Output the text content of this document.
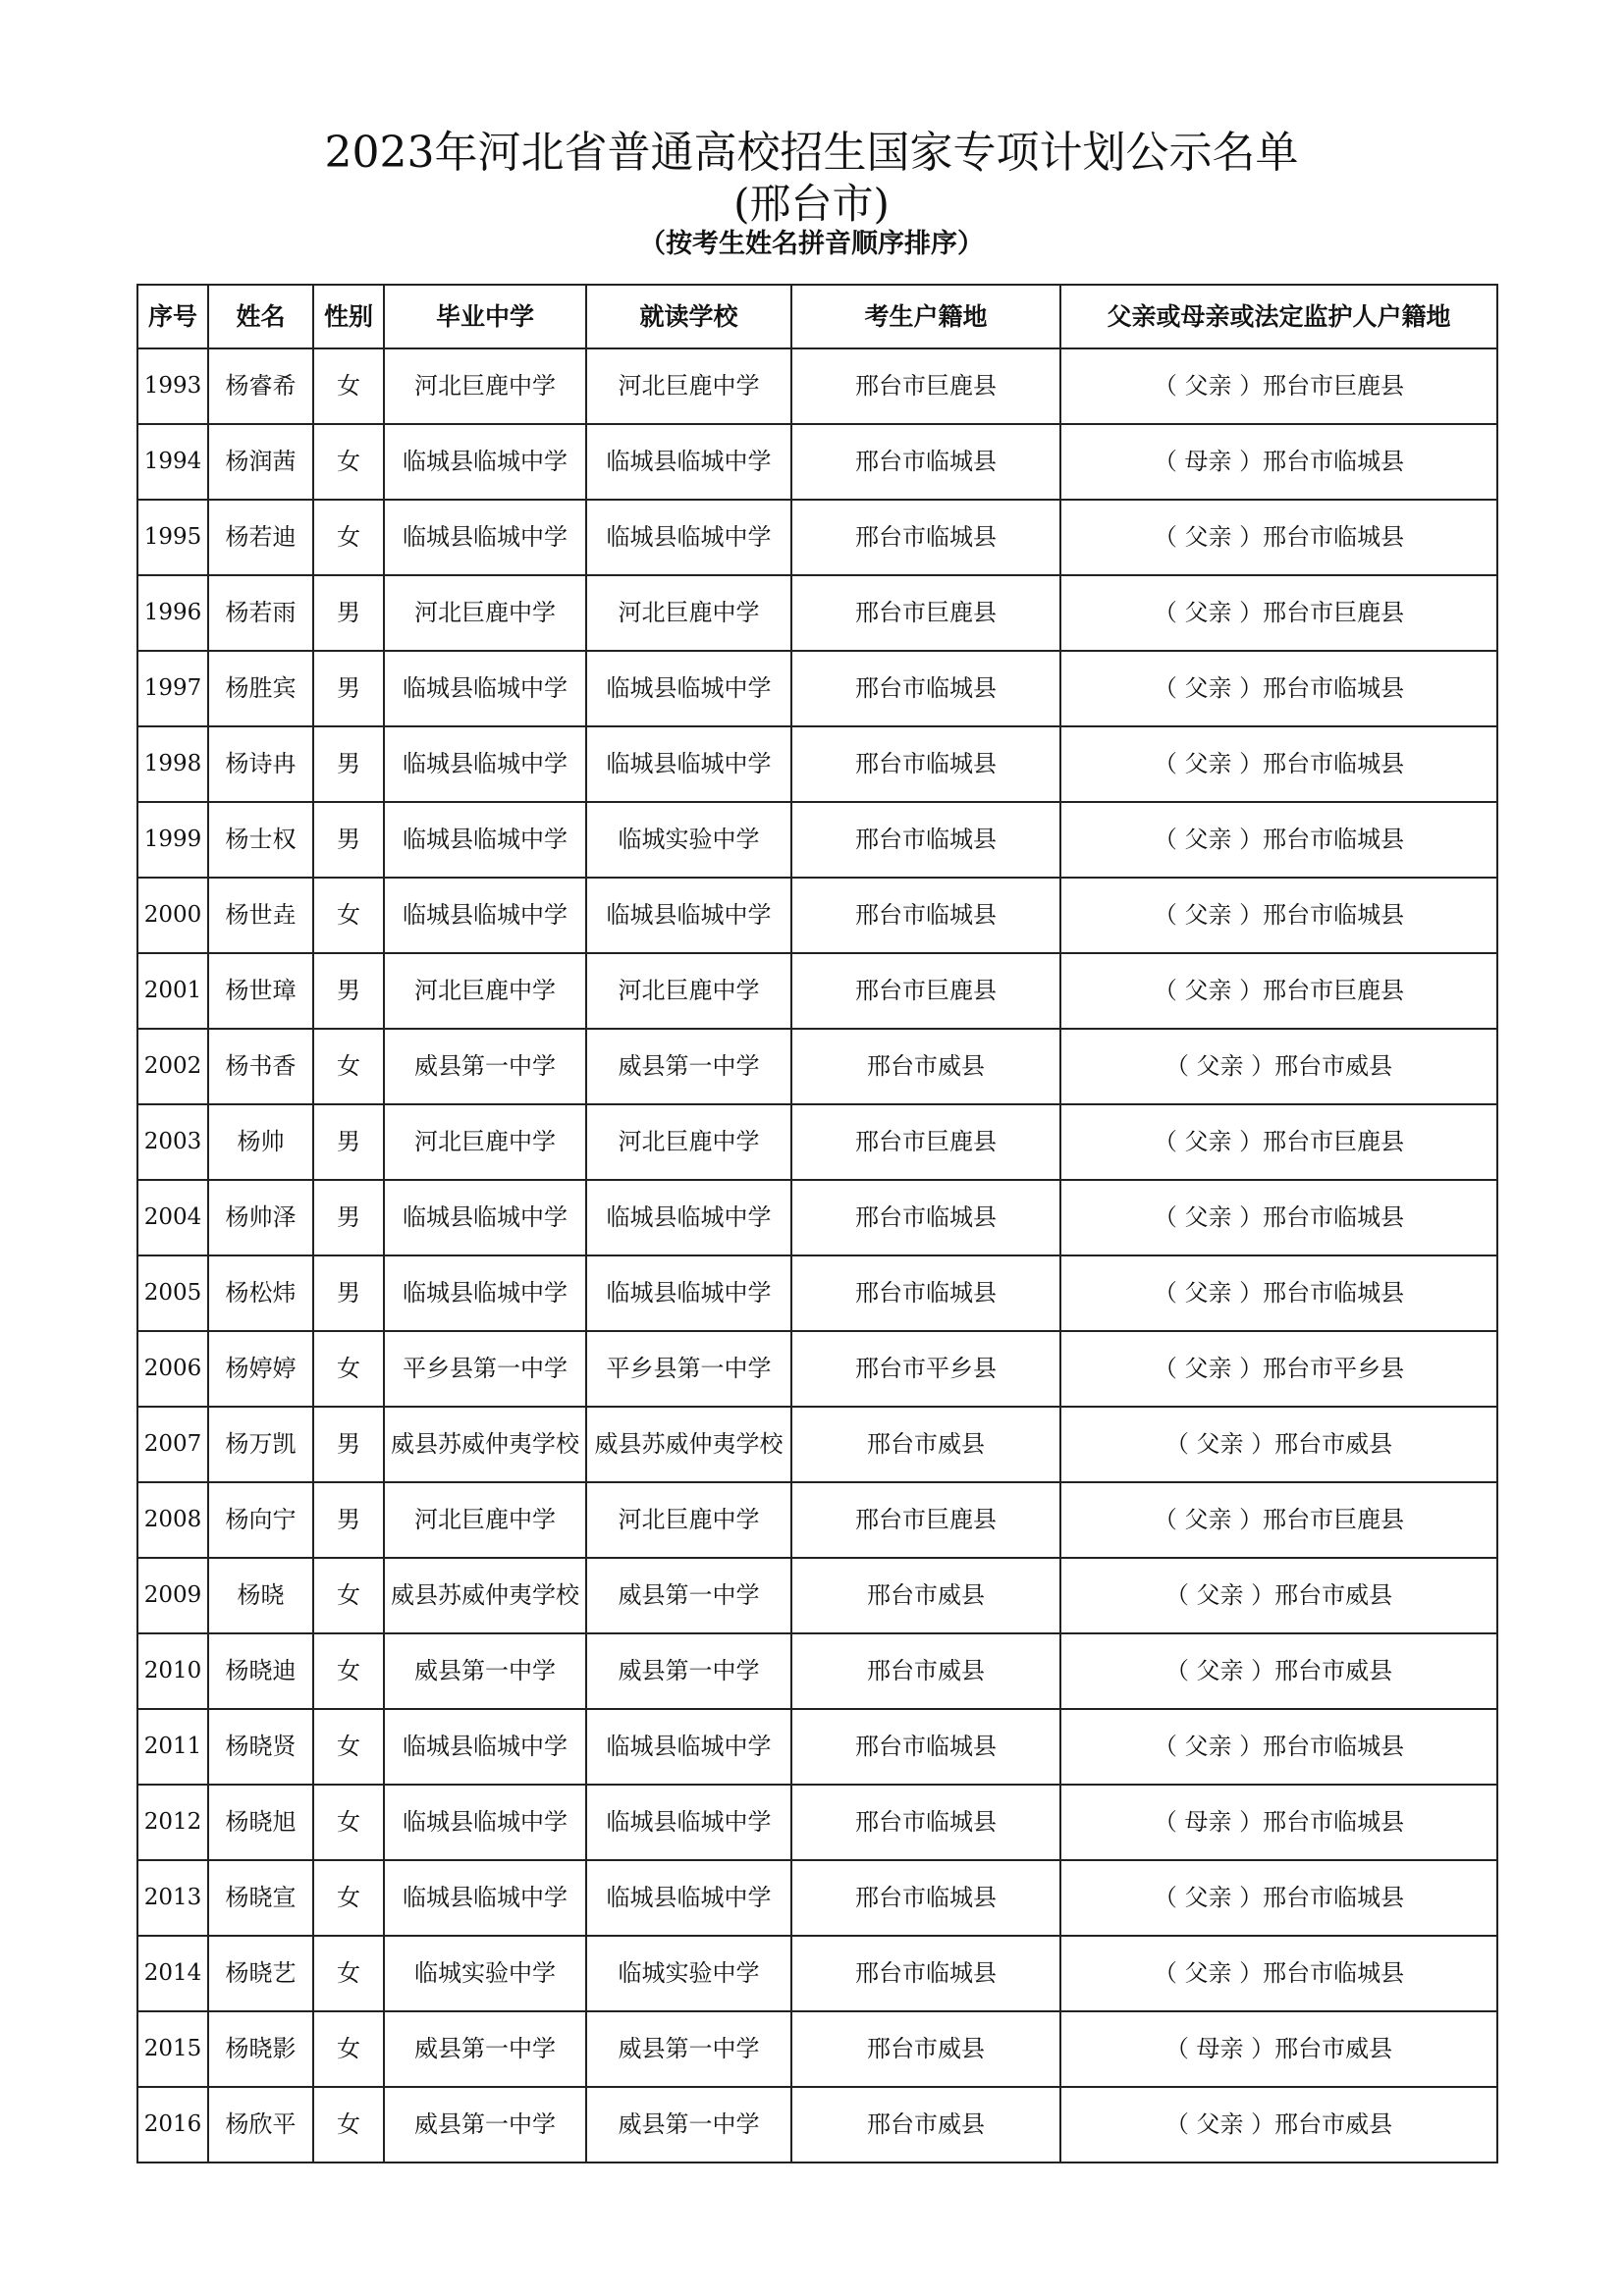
2023年河北省普通高校招生国家专项计划公示名单
(邢台市)
（按考生姓名拼音顺序排序）
序号	姓名	性别	毕业中学	就读学校	考生户籍地	父亲或母亲或法定监护人户籍地
1993	杨睿希	女	河北巨鹿中学	河北巨鹿中学	邢台市巨鹿县	（ 父亲 ）邢台市巨鹿县
1994	杨润茜	女	临城县临城中学	临城县临城中学	邢台市临城县	（ 母亲 ）邢台市临城县
1995	杨若迪	女	临城县临城中学	临城县临城中学	邢台市临城县	（ 父亲 ）邢台市临城县
1996	杨若雨	男	河北巨鹿中学	河北巨鹿中学	邢台市巨鹿县	（ 父亲 ）邢台市巨鹿县
1997	杨胜宾	男	临城县临城中学	临城县临城中学	邢台市临城县	（ 父亲 ）邢台市临城县
1998	杨诗冉	男	临城县临城中学	临城县临城中学	邢台市临城县	（ 父亲 ）邢台市临城县
1999	杨士权	男	临城县临城中学	临城实验中学	邢台市临城县	（ 父亲 ）邢台市临城县
2000	杨世垚	女	临城县临城中学	临城县临城中学	邢台市临城县	（ 父亲 ）邢台市临城县
2001	杨世璋	男	河北巨鹿中学	河北巨鹿中学	邢台市巨鹿县	（ 父亲 ）邢台市巨鹿县
2002	杨书香	女	威县第一中学	威县第一中学	邢台市威县	（ 父亲 ）邢台市威县
2003	杨帅	男	河北巨鹿中学	河北巨鹿中学	邢台市巨鹿县	（ 父亲 ）邢台市巨鹿县
2004	杨帅泽	男	临城县临城中学	临城县临城中学	邢台市临城县	（ 父亲 ）邢台市临城县
2005	杨松炜	男	临城县临城中学	临城县临城中学	邢台市临城县	（ 父亲 ）邢台市临城县
2006	杨婷婷	女	平乡县第一中学	平乡县第一中学	邢台市平乡县	（ 父亲 ）邢台市平乡县
2007	杨万凯	男	威县苏威仲夷学校	威县苏威仲夷学校	邢台市威县	（ 父亲 ）邢台市威县
2008	杨向宁	男	河北巨鹿中学	河北巨鹿中学	邢台市巨鹿县	（ 父亲 ）邢台市巨鹿县
2009	杨晓	女	威县苏威仲夷学校	威县第一中学	邢台市威县	（ 父亲 ）邢台市威县
2010	杨晓迪	女	威县第一中学	威县第一中学	邢台市威县	（ 父亲 ）邢台市威县
2011	杨晓贤	女	临城县临城中学	临城县临城中学	邢台市临城县	（ 父亲 ）邢台市临城县
2012	杨晓旭	女	临城县临城中学	临城县临城中学	邢台市临城县	（ 母亲 ）邢台市临城县
2013	杨晓宣	女	临城县临城中学	临城县临城中学	邢台市临城县	（ 父亲 ）邢台市临城县
2014	杨晓艺	女	临城实验中学	临城实验中学	邢台市临城县	（ 父亲 ）邢台市临城县
2015	杨晓影	女	威县第一中学	威县第一中学	邢台市威县	（ 母亲 ）邢台市威县
2016	杨欣平	女	威县第一中学	威县第一中学	邢台市威县	（ 父亲 ）邢台市威县
